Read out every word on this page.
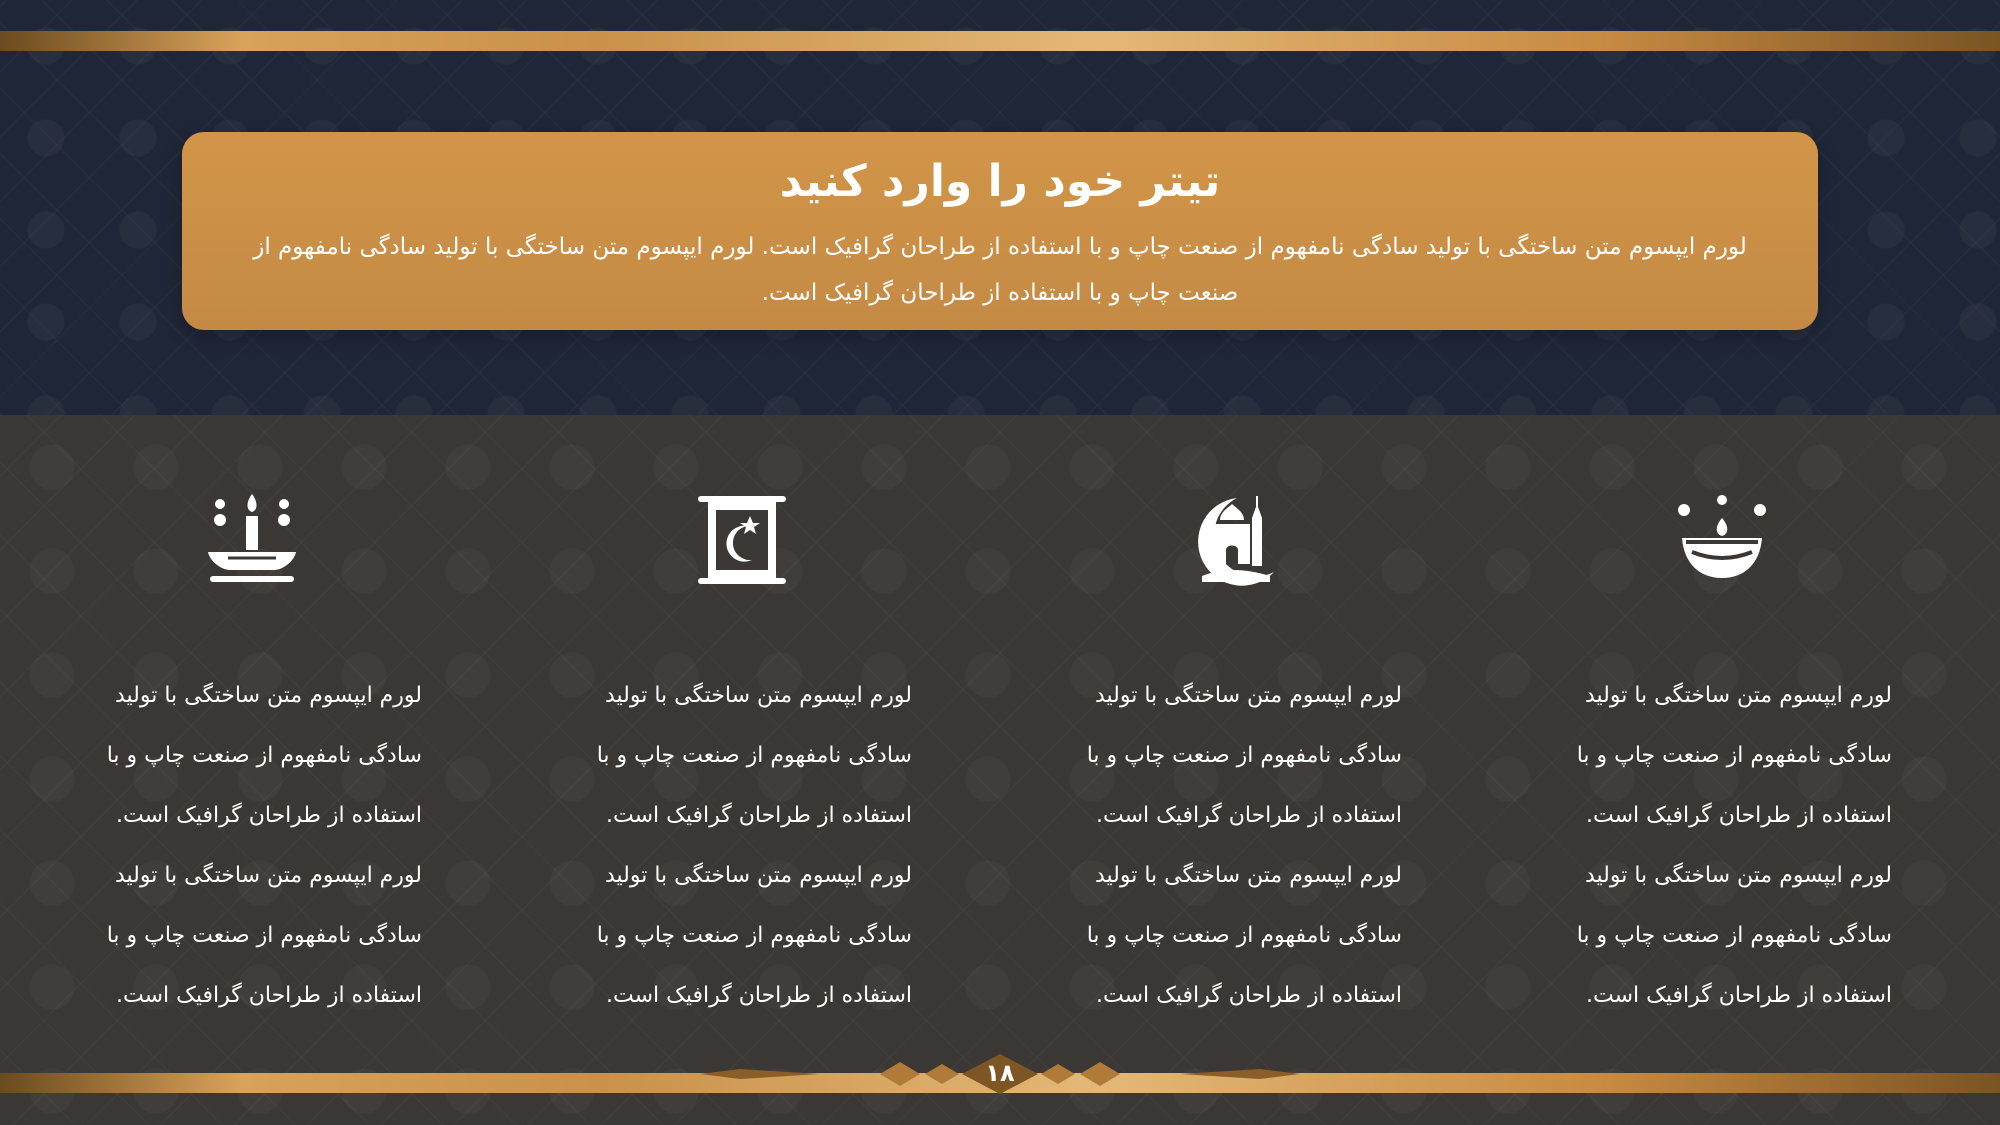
۱۸
تیتر خود را وارد کنید
لورم ایپسوم متن ساختگی با تولید سادگی نامفهوم از صنعت چاپ و با استفاده از طراحان گرافیک است. لورم ایپسوم متن ساختگی با تولید سادگی نامفهوم از صنعت چاپ و با استفاده از طراحان گرافیک است.
لورم ایپسوم متن ساختگی با تولید سادگی نامفهوم از صنعت چاپ و با استفاده از طراحان گرافیک است. لورم ایپسوم متن ساختگی با تولید سادگی نامفهوم از صنعت چاپ و با استفاده از طراحان گرافیک است.
لورم ایپسوم متن ساختگی با تولید سادگی نامفهوم از صنعت چاپ و با استفاده از طراحان گرافیک است. لورم ایپسوم متن ساختگی با تولید سادگی نامفهوم از صنعت چاپ و با استفاده از طراحان گرافیک است.
لورم ایپسوم متن ساختگی با تولید سادگی نامفهوم از صنعت چاپ و با استفاده از طراحان گرافیک است. لورم ایپسوم متن ساختگی با تولید سادگی نامفهوم از صنعت چاپ و با استفاده از طراحان گرافیک است.
لورم ایپسوم متن ساختگی با تولید سادگی نامفهوم از صنعت چاپ و با استفاده از طراحان گرافیک است. لورم ایپسوم متن ساختگی با تولید سادگی نامفهوم از صنعت چاپ و با استفاده از طراحان گرافیک است.
